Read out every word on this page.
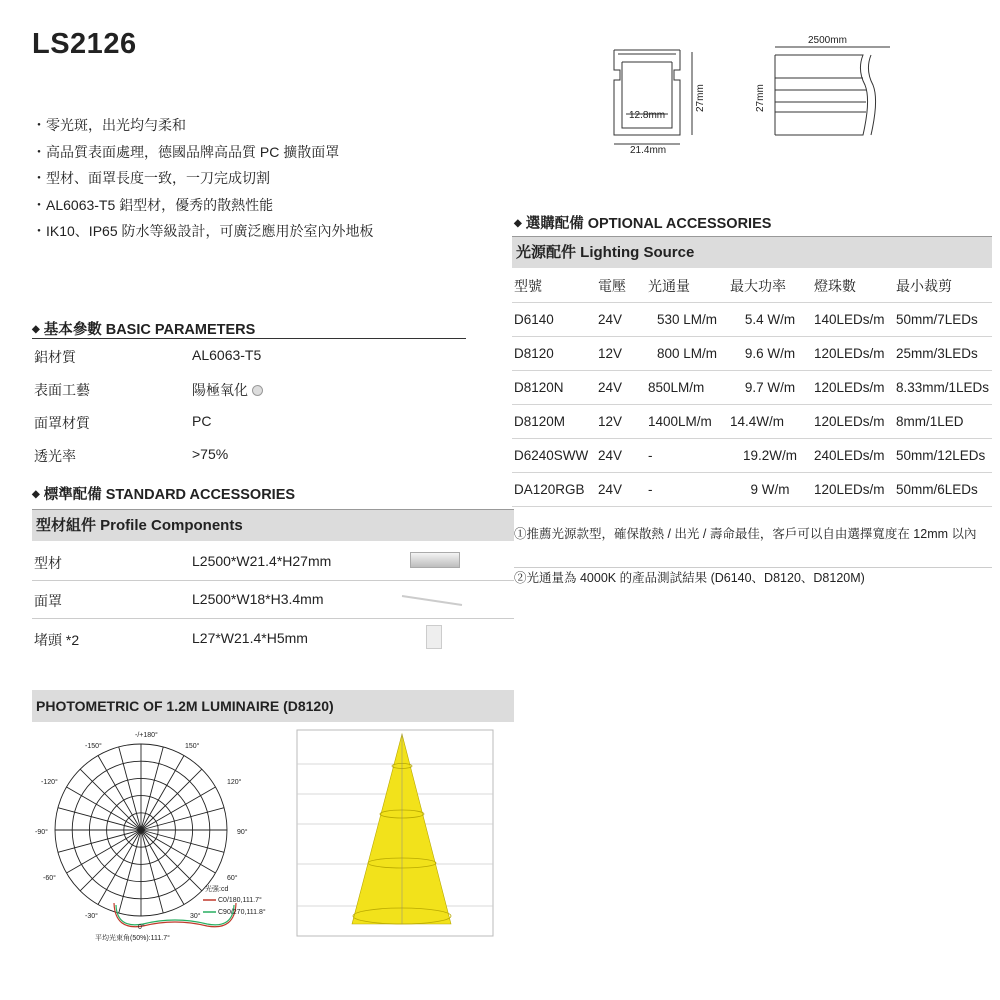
LS2126
・ 零光斑，出光均勻柔和
・ 高品質表面處理，德國品牌高品質 PC 擴散面罩
・ 型材、面罩長度一致，一刀完成切割
・ AL6063-T5 鋁型材，優秀的散熱性能
・ IK10、IP65 防水等級設計，可廣泛應用於室內外地板
12.8mm
21.4mm
27mm
2500mm
27mm
◆ 基本參數 BASIC PARAMETERS
鋁材質	AL6063-T5
表面工藝	陽極氧化
面罩材質	PC
透光率	>75%
◆ 標準配備 STANDARD ACCESSORIES
型材組件 Profile Components
型材	L2500*W21.4*H27mm
面罩	L2500*W18*H3.4mm
堵頭 *2	L27*W21.4*H5mm
◆ 選購配備 OPTIONAL ACCESSORIES
光源配件 Lighting Source
型號	電壓	光通量	最大功率	燈珠數	最小裁剪
D6140	24V	530 LM/m	5.4 W/m	140LEDs/m	50mm/7LEDs
D8120	12V	800 LM/m	9.6 W/m	120LEDs/m	25mm/3LEDs
D8120N	24V	850LM/m	9.7 W/m	120LEDs/m	8.33mm/1LEDs
D8120M	12V	1400LM/m	14.4W/m	120LEDs/m	8mm/1LED
D6240SWW	24V	-	19.2W/m	240LEDs/m	50mm/12LEDs
DA120RGB	24V	-	9 W/m	120LEDs/m	50mm/6LEDs
①推薦光源款型，確保散熱 / 出光 / 壽命最佳，客戶可以自由選擇寬度在 12mm 以內
②光通量為 4000K 的產品測試結果 (D6140、D8120、D8120M)
PHOTOMETRIC OF 1.2M LUMINAIRE (D8120)
-/+180°
-150°	150°
-120°	120°
-90°	90°
-60°	60°
-30°	30°
0°
光强:cd
C0/180,111.7°
C90/270,111.8°
平均光束角(50%):111.7°
